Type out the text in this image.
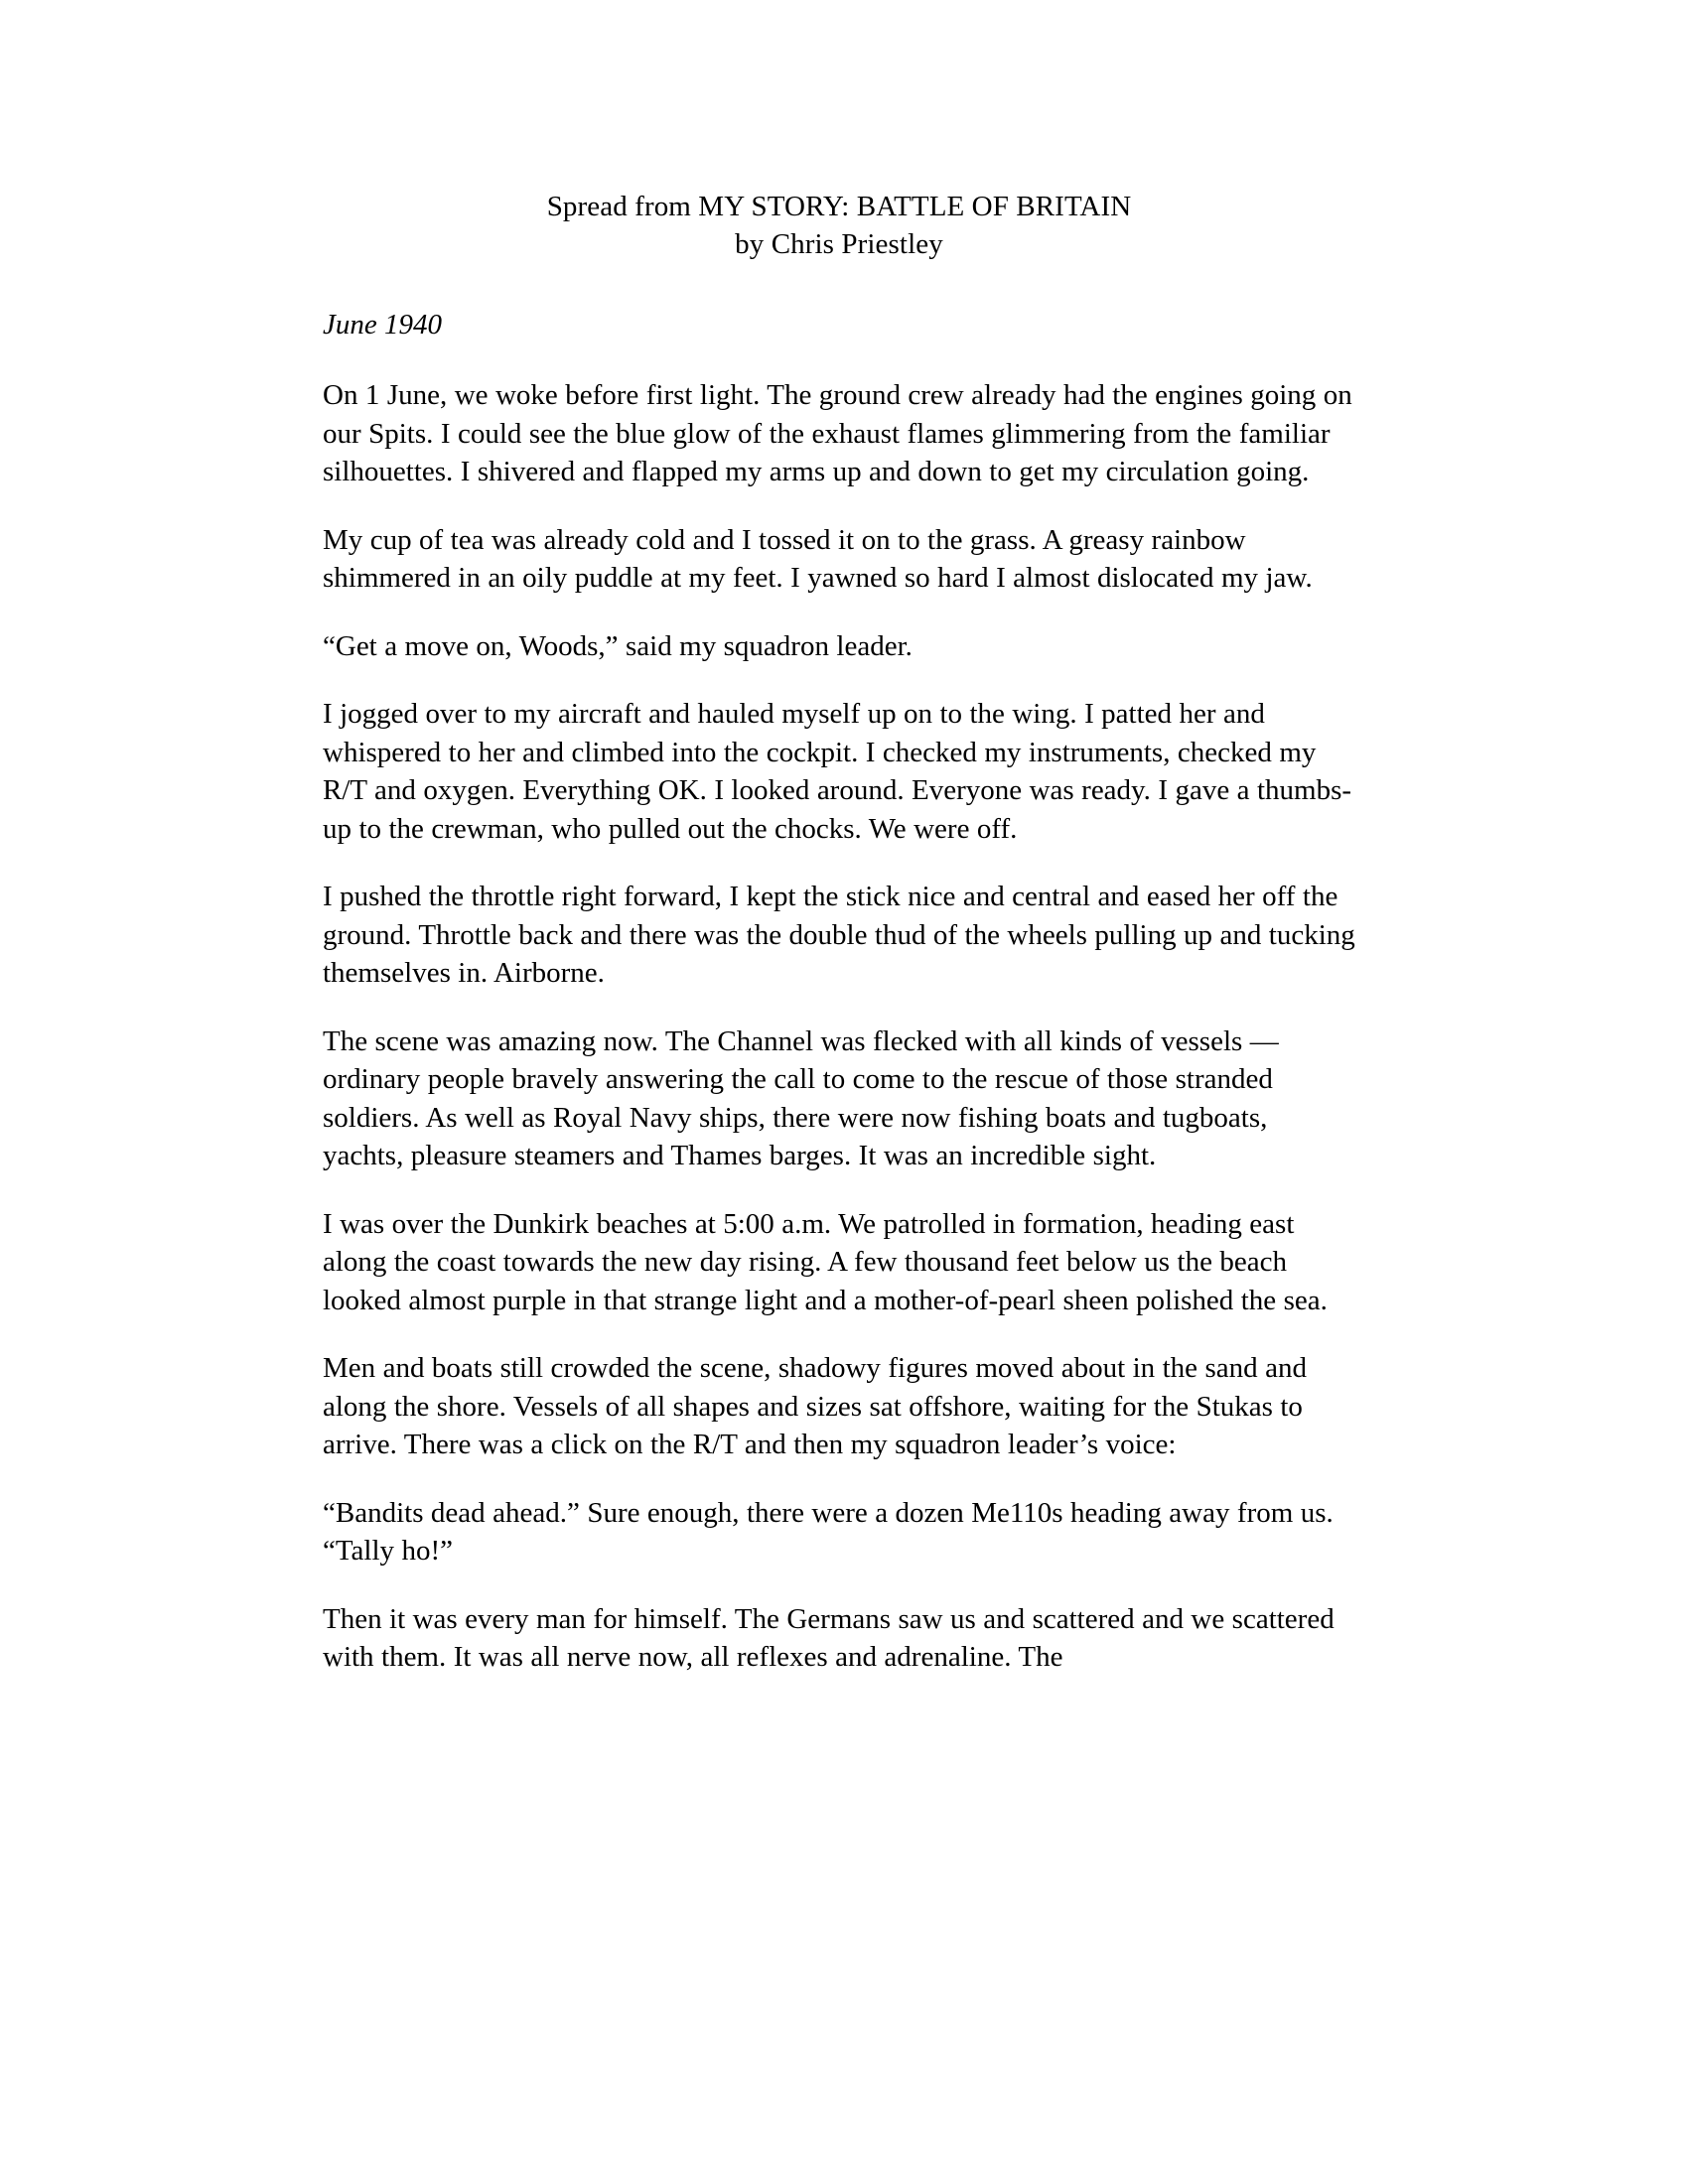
Spread from MY STORY: BATTLE OF BRITAIN
by Chris Priestley
June 1940

On 1 June, we woke before first light. The ground crew already had the engines going on our Spits. I could see the blue glow of the exhaust flames glimmering from the familiar silhouettes. I shivered and flapped my arms up and down to get my circulation going.

My cup of tea was already cold and I tossed it on to the grass. A greasy rainbow shimmered in an oily puddle at my feet. I yawned so hard I almost dislocated my jaw.

“Get a move on, Woods,” said my squadron leader.

I jogged over to my aircraft and hauled myself up on to the wing. I patted her and whispered to her and climbed into the cockpit. I checked my instruments, checked my R/T and oxygen. Everything OK. I looked around. Everyone was ready. I gave a thumbs-up to the crewman, who pulled out the chocks. We were off.

I pushed the throttle right forward, I kept the stick nice and central and eased her off the ground. Throttle back and there was the double thud of the wheels pulling up and tucking themselves in. Airborne.

The scene was amazing now. The Channel was flecked with all kinds of vessels — ordinary people bravely answering the call to come to the rescue of those stranded soldiers. As well as Royal Navy ships, there were now fishing boats and tugboats, yachts, pleasure steamers and Thames barges. It was an incredible sight.

I was over the Dunkirk beaches at 5:00 a.m. We patrolled in formation, heading east along the coast towards the new day rising. A few thousand feet below us the beach looked almost purple in that strange light and a mother-of-pearl sheen polished the sea.

Men and boats still crowded the scene, shadowy figures moved about in the sand and along the shore. Vessels of all shapes and sizes sat offshore, waiting for the Stukas to arrive. There was a click on the R/T and then my squadron leader’s voice:

“Bandits dead ahead.” Sure enough, there were a dozen Me110s heading away from us. “Tally ho!”

Then it was every man for himself. The Germans saw us and scattered and we scattered with them. It was all nerve now, all reflexes and adrenaline. The
